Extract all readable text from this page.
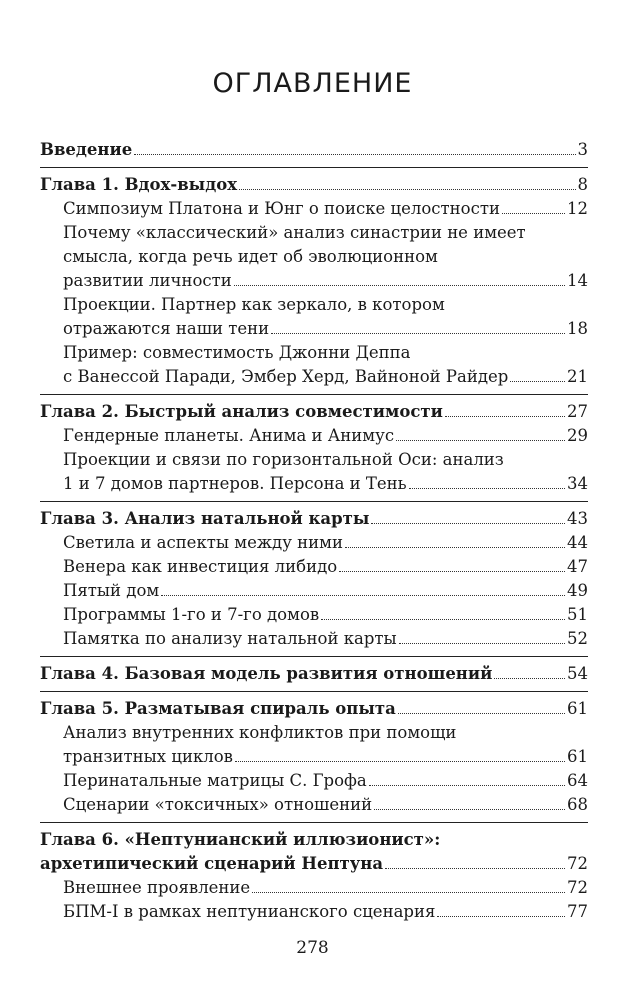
ОГЛАВЛЕНИЕ
Введение	3
Глава 1. Вдох-выдох	8
Симпозиум Платона и Юнг о поиске целостности	12
Почему «классический» анализ синастрии не имеет
смысла, когда речь идет об эволюционном
развитии личности	14
Проекции. Партнер как зеркало, в котором
отражаются наши тени	18
Пример: совместимость Джонни Деппа
с Ванессой Паради, Эмбер Херд, Вайноной Райдер	21
Глава 2. Быстрый анализ совместимости	27
Гендерные планеты. Анима и Анимус	29
Проекции и связи по горизонтальной Оси: анализ
1 и 7 домов партнеров. Персона и Тень	34
Глава 3. Анализ натальной карты	43
Светила и аспекты между ними	44
Венера как инвестиция либидо	47
Пятый дом	49
Программы 1-го и 7-го домов	51
Памятка по анализу натальной карты	52
Глава 4. Базовая модель развития отношений	54
Глава 5. Разматывая спираль опыта	61
Анализ внутренних конфликтов при помощи
транзитных циклов	61
Перинатальные матрицы С. Грофа	64
Сценарии «токсичных» отношений	68
Глава 6. «Нептунианский иллюзионист»:
архетипический сценарий Нептуна	72
Внешнее проявление	72
БПМ-I в рамках нептунианского сценария	77
278
